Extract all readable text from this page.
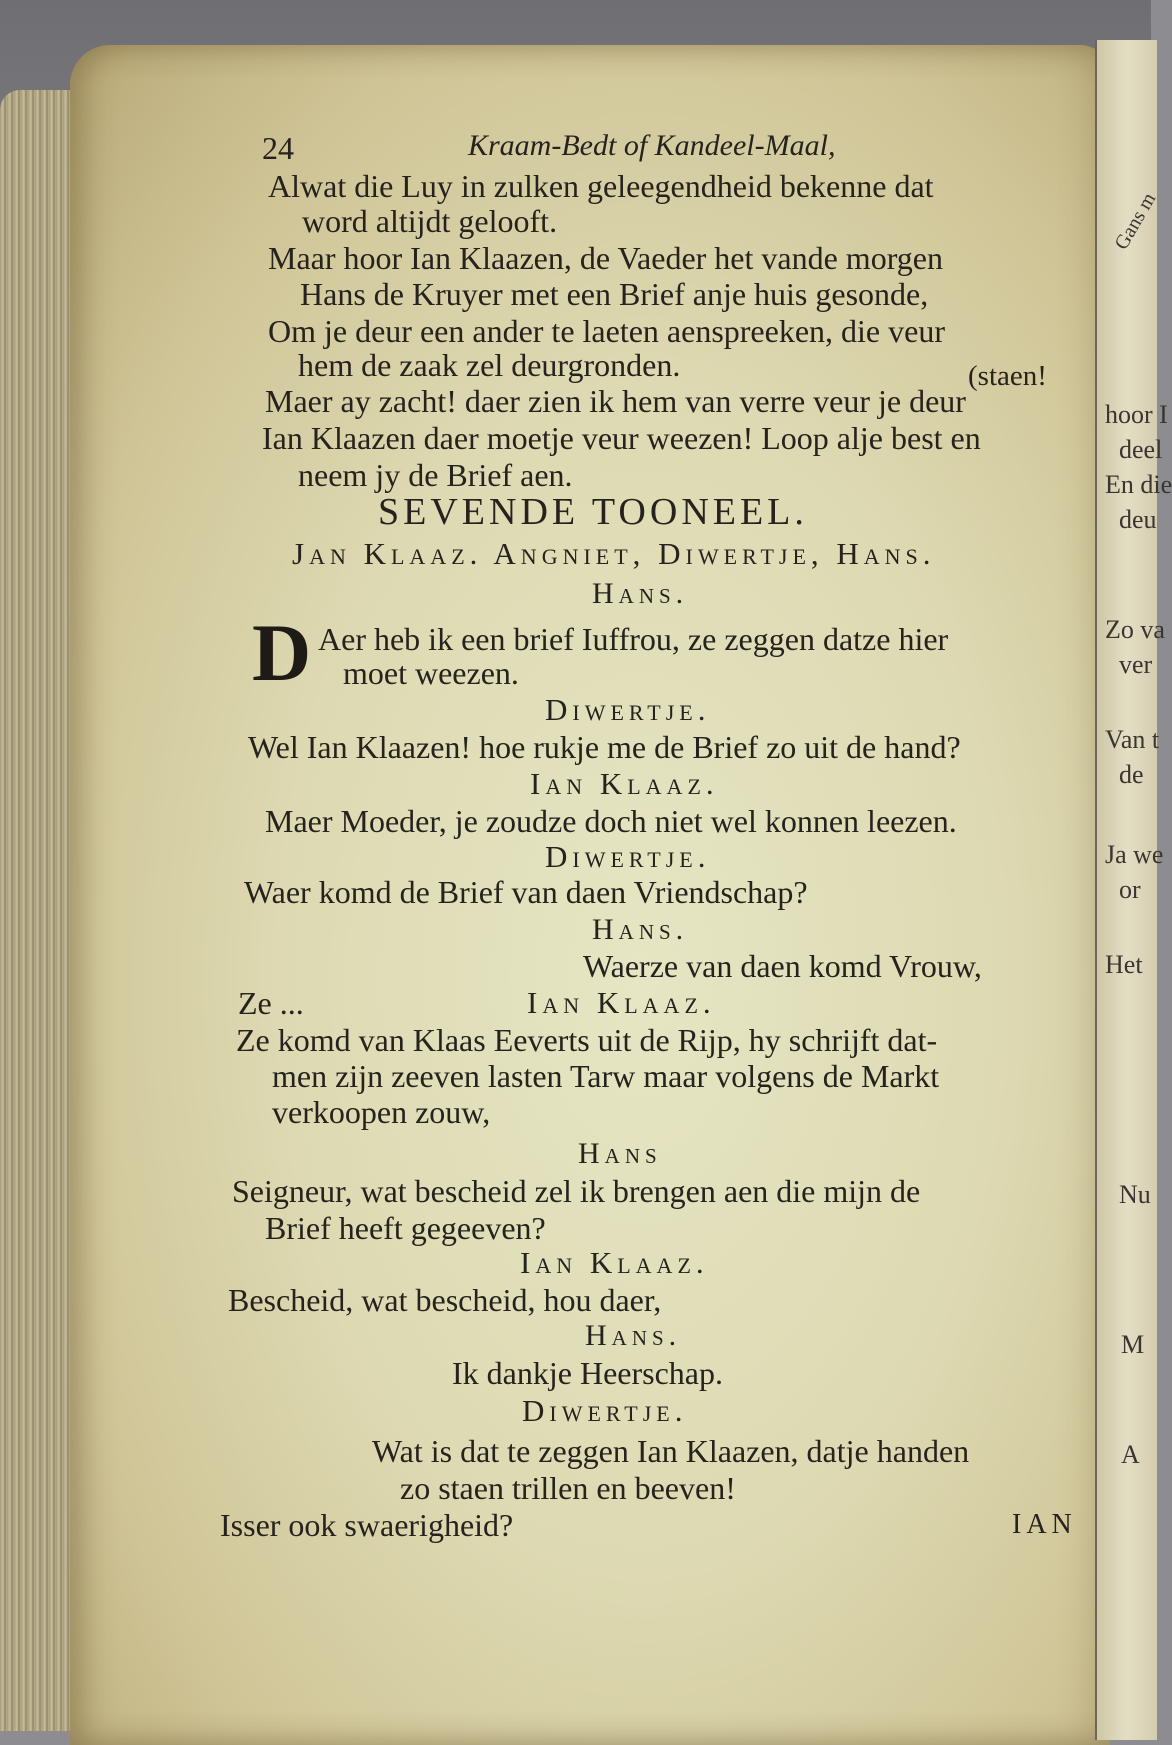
Gans m
hoor I
deel
En die
deu
Zo va
ver
Van t
de
Ja we
or
Het
Nu
M
A
24	Kraam-Bedt of Kandeel-Maal,
Alwat die Luy in zulken geleegendheid bekenne dat
word altijdt gelooft.
Maar hoor Ian Klaazen, de Vaeder het vande morgen
Hans de Kruyer met een Brief anje huis gesonde,
Om je deur een ander te laeten aenspreeken, die veur
hem de zaak zel deurgronden.	(staen!
Maer ay zacht! daer zien ik hem van verre veur je deur
Ian Klaazen daer moetje veur weezen! Loop alje best en
neem jy de Brief aen.
SEVENDE TOONEEL.
Jan Klaaz. Angniet, Diwertje, Hans.
Hans.
D Aer heb ik een brief Iuffrou, ze zeggen datze hier
moet weezen.
Diwertje.
Wel Ian Klaazen! hoe rukje me de Brief zo uit de hand?
Ian Klaaz.
Maer Moeder, je zoudze doch niet wel konnen leezen.
Diwertje.
Waer komd de Brief van daen Vriendschap?
Hans.
Waerze van daen komd Vrouw,
Ze ...	Ian Klaaz.
Ze komd van Klaas Eeverts uit de Rijp, hy schrijft dat-
men zijn zeeven lasten Tarw maar volgens de Markt
verkoopen zouw,
Hans
Seigneur, wat bescheid zel ik brengen aen die mijn de
Brief heeft gegeeven?
Ian Klaaz.
Bescheid, wat bescheid, hou daer,
Hans.
Ik dankje Heerschap.
Diwertje.
Wat is dat te zeggen Ian Klaazen, datje handen
zo staen trillen en beeven!
Isser ook swaerigheid?	IAN
